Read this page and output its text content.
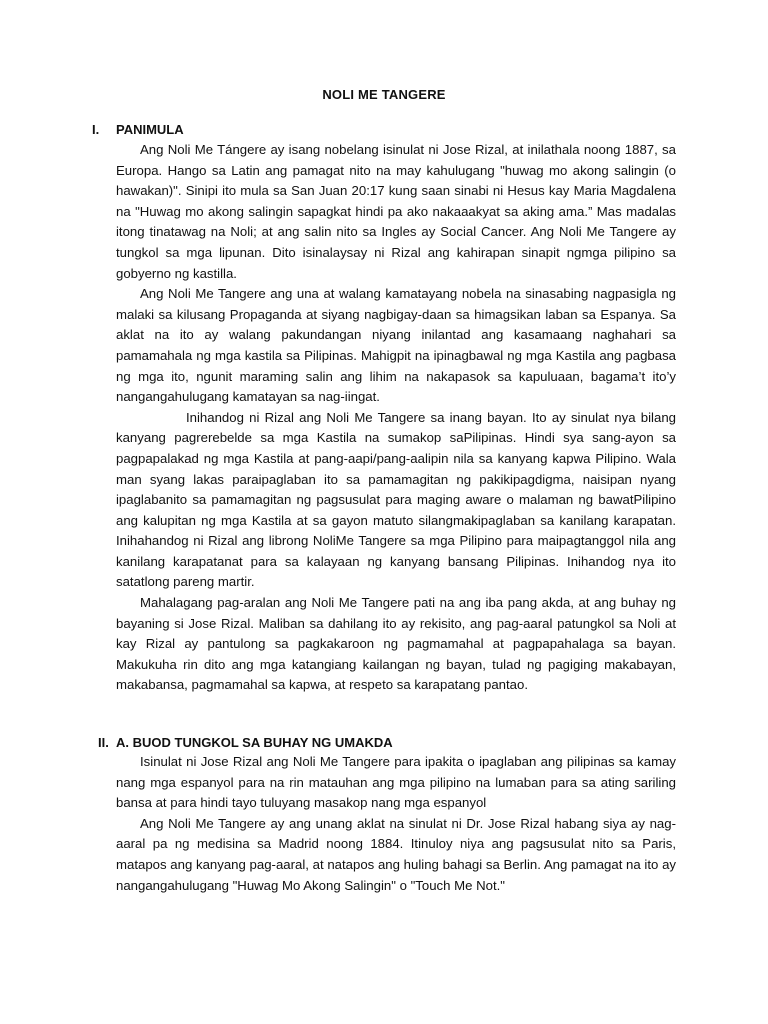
NOLI ME TANGERE
I. PANIMULA

Ang Noli Me Tángere ay isang nobelang isinulat ni Jose Rizal, at inilathala noong 1887, sa Europa. Hango sa Latin ang pamagat nito na may kahulugang "huwag mo akong salingin (o hawakan)". Sinipi ito mula sa San Juan 20:17 kung saan sinabi ni Hesus kay Maria Magdalena na "Huwag mo akong salingin sapagkat hindi pa ako nakaaakyat sa aking ama.” Mas madalas itong tinatawag na Noli; at ang salin nito sa Ingles ay Social Cancer. Ang Noli Me Tangere ay tungkol sa mga lipunan. Dito isinalaysay ni Rizal ang kahirapan sinapit ngmga pilipino sa gobyerno ng kastilla.

Ang Noli Me Tangere ang una at walang kamatayang nobela na sinasabing nagpasigla ng malaki sa kilusang Propaganda at siyang nagbigay-daan sa himagsikan laban sa Espanya. Sa aklat na ito ay walang pakundangan niyang inilantad ang kasamaang naghahari sa pamamahala ng mga kastila sa Pilipinas. Mahigpit na ipinagbawal ng mga Kastila ang pagbasa ng mga ito, ngunit maraming salin ang lihim na nakapasok sa kapuluaan, bagama’t ito’y nangangahulugang kamatayan sa nag-iingat.

Inihandog ni Rizal ang Noli Me Tangere sa inang bayan. Ito ay sinulat nya bilang kanyang pagrerebelde sa mga Kastila na sumakop saPilipinas. Hindi sya sang-ayon sa pagpapalakad ng mga Kastila at pang-aapi/pang-aalipin nila sa kanyang kapwa Pilipino. Wala man syang lakas paraipaglaban ito sa pamamagitan ng pakikipagdigma, naisipan nyang ipaglabanito sa pamamagitan ng pagsusulat para maging aware o malaman ng bawatPilipino ang kalupitan ng mga Kastila at sa gayon matuto silangmakipaglaban sa kanilang karapatan. Inihahandog ni Rizal ang librong NoliMe Tangere sa mga Pilipino para maipagtanggol nila ang kanilang karapatanat para sa kalayaan ng kanyang bansang Pilipinas. Inihandog nya ito satatlong pareng martir.

Mahalagang pag-aralan ang Noli Me Tangere pati na ang iba pang akda, at ang buhay ng bayaning si Jose Rizal. Maliban sa dahilang ito ay rekisito, ang pag-aaral patungkol sa Noli at kay Rizal ay pantulong sa pagkakaroon ng pagmamahal at pagpapahalaga sa bayan. Makukuha rin dito ang mga katangiang kailangan ng bayan, tulad ng pagiging makabayan, makabansa, pagmamahal sa kapwa, at respeto sa karapatang pantao.

II. A. BUOD TUNGKOL SA BUHAY NG UMAKDA

Isinulat ni Jose Rizal ang Noli Me Tangere para ipakita o ipaglaban ang pilipinas sa kamay nang mga espanyol para na rin matauhan ang mga pilipino na lumaban para sa ating sariling bansa at para hindi tayo tuluyang masakop nang mga espanyol

Ang Noli Me Tangere ay ang unang aklat na sinulat ni Dr. Jose Rizal habang siya ay nag-aaral pa ng medisina sa Madrid noong 1884. Itinuloy niya ang pagsusulat nito sa Paris, matapos ang kanyang pag-aaral, at natapos ang huling bahagi sa Berlin. Ang pamagat na ito ay nangangahulugang "Huwag Mo Akong Salingin" o "Touch Me Not."
